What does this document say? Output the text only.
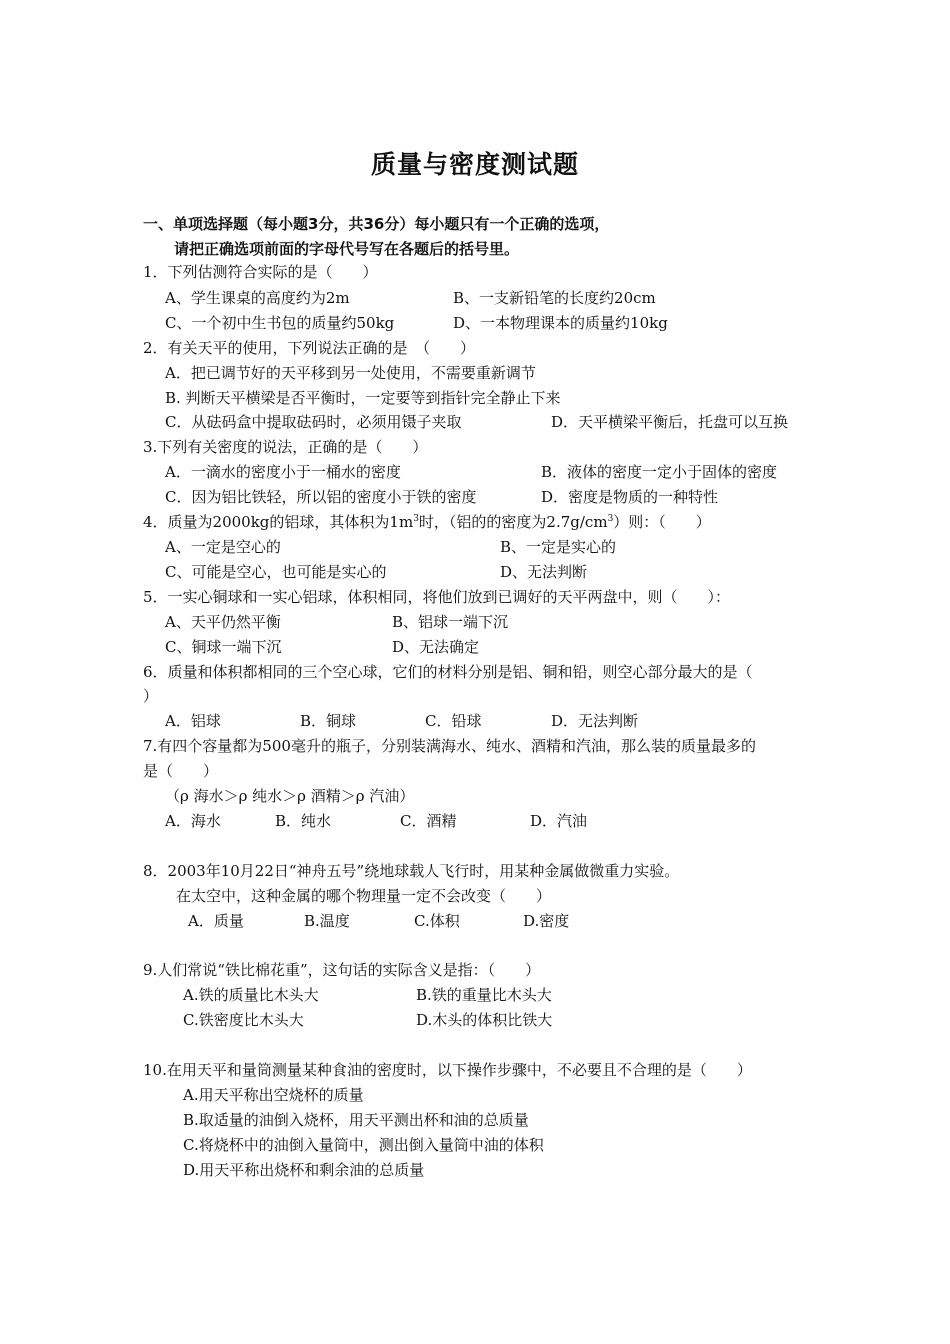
质量与密度测试题
一、单项选择题（每小题3分，共36分）每小题只有一个正确的选项，
请把正确选项前面的字母代号写在各题后的括号里。
1．下列估测符合实际的是（　　）
A、学生课桌的高度约为2m	B、一支新铅笔的长度约20cm
C、一个初中生书包的质量约50kg	D、一本物理课本的质量约10kg
2．有关天平的使用，下列说法正确的是　（　　）
A．把已调节好的天平移到另一处使用，不需要重新调节
B. 判断天平横梁是否平衡时，一定要等到指针完全静止下来
C．从砝码盒中提取砝码时，必须用镊子夹取	D．天平横梁平衡后，托盘可以互换
3.下列有关密度的说法，正确的是（　　）
A．一滴水的密度小于一桶水的密度	B．液体的密度一定小于固体的密度
C．因为铝比铁轻，所以铝的密度小于铁的密度	D．密度是物质的一种特性
4．质量为2000kg的铝球，其体积为$1m^3$时，（铝的的密度为$2.7g/cm^3$）则：（　　）
A、一定是空心的	B、一定是实心的
C、可能是空心，也可能是实心的	D、无法判断
5．一实心铜球和一实心铝球，体积相同，将他们放到已调好的天平两盘中，则（　　）：
A、天平仍然平衡	B、铝球一端下沉
C、铜球一端下沉	D、无法确定
6．质量和体积都相同的三个空心球，它们的材料分别是铝、铜和铅，则空心部分最大的是（
）
A．铝球	B．铜球	C．铅球	D．无法判断
7.有四个容量都为500毫升的瓶子，分别装满海水、纯水、酒精和汽油，那么装的质量最多的
是（　　）
（ρ 海水＞ρ 纯水＞ρ 酒精＞ρ 汽油）
A．海水	B．纯水	C．酒精	D．汽油
8．2003年10月22日“神舟五号”绕地球载人飞行时，用某种金属做微重力实验。
在太空中，这种金属的哪个物理量一定不会改变（　　）
A．质量	B.温度	C.体积	D.密度
9.人们常说“铁比棉花重”，这句话的实际含义是指：（　　）
A.铁的质量比木头大	B.铁的重量比木头大
C.铁密度比木头大	D.木头的体积比铁大
10.在用天平和量筒测量某种食油的密度时，以下操作步骤中，不必要且不合理的是（　　）
A.用天平称出空烧杯的质量
B.取适量的油倒入烧杯，用天平测出杯和油的总质量
C.将烧杯中的油倒入量筒中，测出倒入量筒中油的体积
D.用天平称出烧杯和剩余油的总质量
